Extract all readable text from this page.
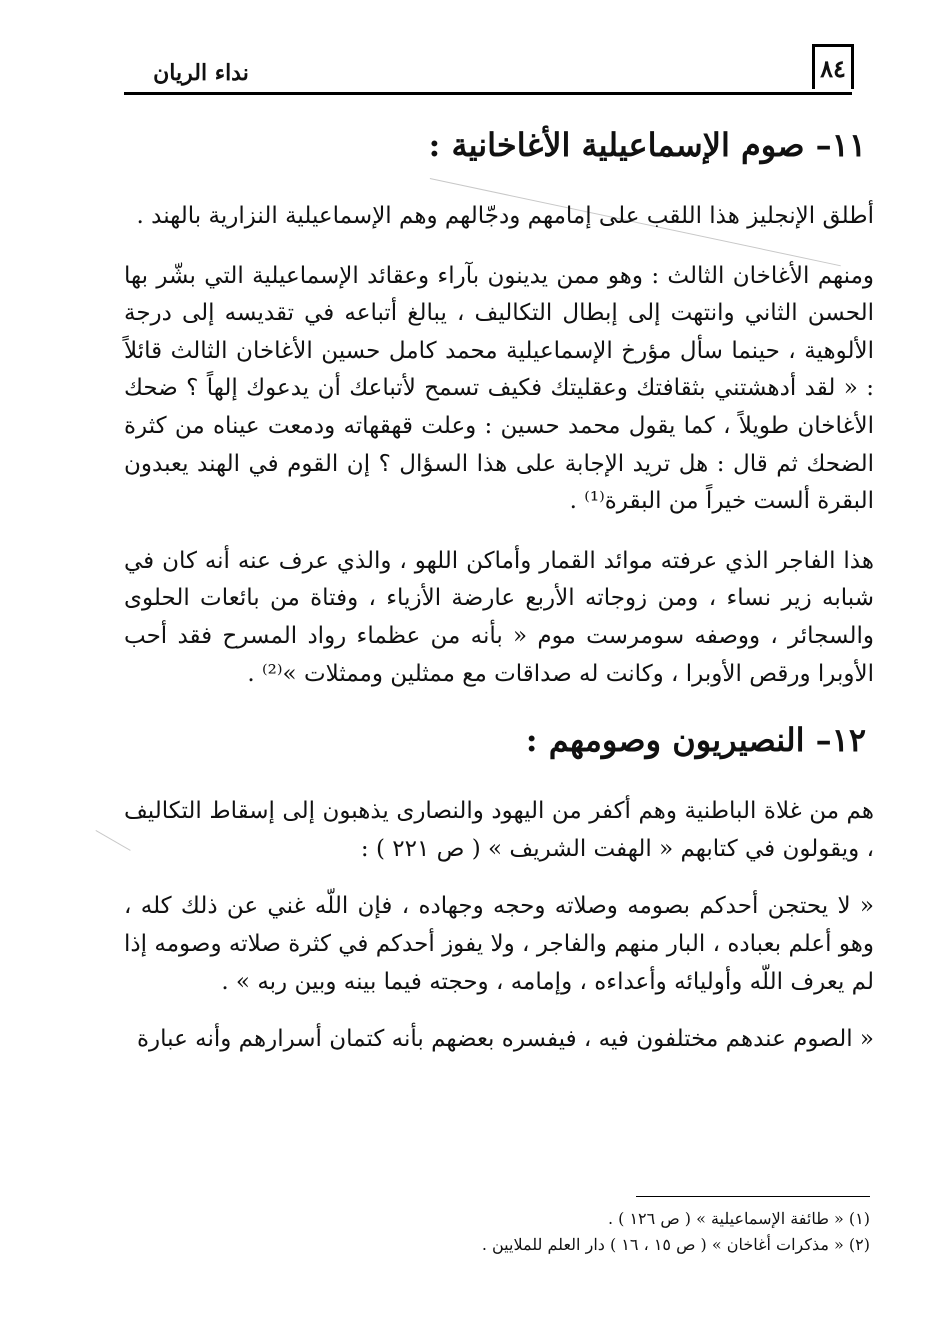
٨٤
نداء الريان
١١– صوم الإسماعيلية الأغاخانية :

أطلق الإنجليز هذا اللقب على إمامهم ودجّالهم وهم الإسماعيلية النزارية بالهند .

ومنهم الأغاخان الثالث : وهو ممن يدينون بآراء وعقائد الإسماعيلية التي بشّر بها الحسن الثاني وانتهت إلى إبطال التكاليف ، يبالغ أتباعه في تقديسه إلى درجة الألوهية ، حينما سأل مؤرخ الإسماعيلية محمد كامل حسين الأغاخان الثالث قائلاً : « لقد أدهشتني بثقافتك وعقليتك فكيف تسمح لأتباعك أن يدعوك إلهاً ؟ ضحك الأغاخان طويلاً ، كما يقول محمد حسين : وعلت قهقهاته ودمعت عيناه من كثرة الضحك ثم قال : هل تريد الإجابة على هذا السؤال ؟ إن القوم في الهند يعبدون البقرة ألست خيراً من البقرة⁽¹⁾ .

هذا الفاجر الذي عرفته موائد القمار وأماكن اللهو ، والذي عرف عنه أنه كان في شبابه زير نساء ، ومن زوجاته الأربع عارضة الأزياء ، وفتاة من بائعات الحلوى والسجائر ، ووصفه سومرست موم « بأنه من عظماء رواد المسرح فقد أحب الأوبرا ورقص الأوبرا ، وكانت له صداقات مع ممثلين وممثلات »⁽²⁾ .

١٢– النصيريون وصومهم :

هم من غلاة الباطنية وهم أكفر من اليهود والنصارى يذهبون إلى إسقاط التكاليف ، ويقولون في كتابهم « الهفت الشريف » ( ص ٢٢١ ) :

« لا يحتجن أحدكم بصومه وصلاته وحجه وجهاده ، فإن اللّه غني عن ذلك كله ، وهو أعلم بعباده ، البار منهم والفاجر ، ولا يفوز أحدكم في كثرة صلاته وصومه إذا لم يعرف اللّه وأوليائه وأعداءه ، وإمامه ، وحجته فيما بينه وبين ربه » .

« الصوم عندهم مختلفون فيه ، فيفسره بعضهم بأنه كتمان أسرارهم وأنه عبارة

(١) « طائفة الإسماعيلية » ( ص ١٢٦ ) .

(٢) « مذكرات أغاخان » ( ص ١٥ ، ١٦ ) دار العلم للملايين .
